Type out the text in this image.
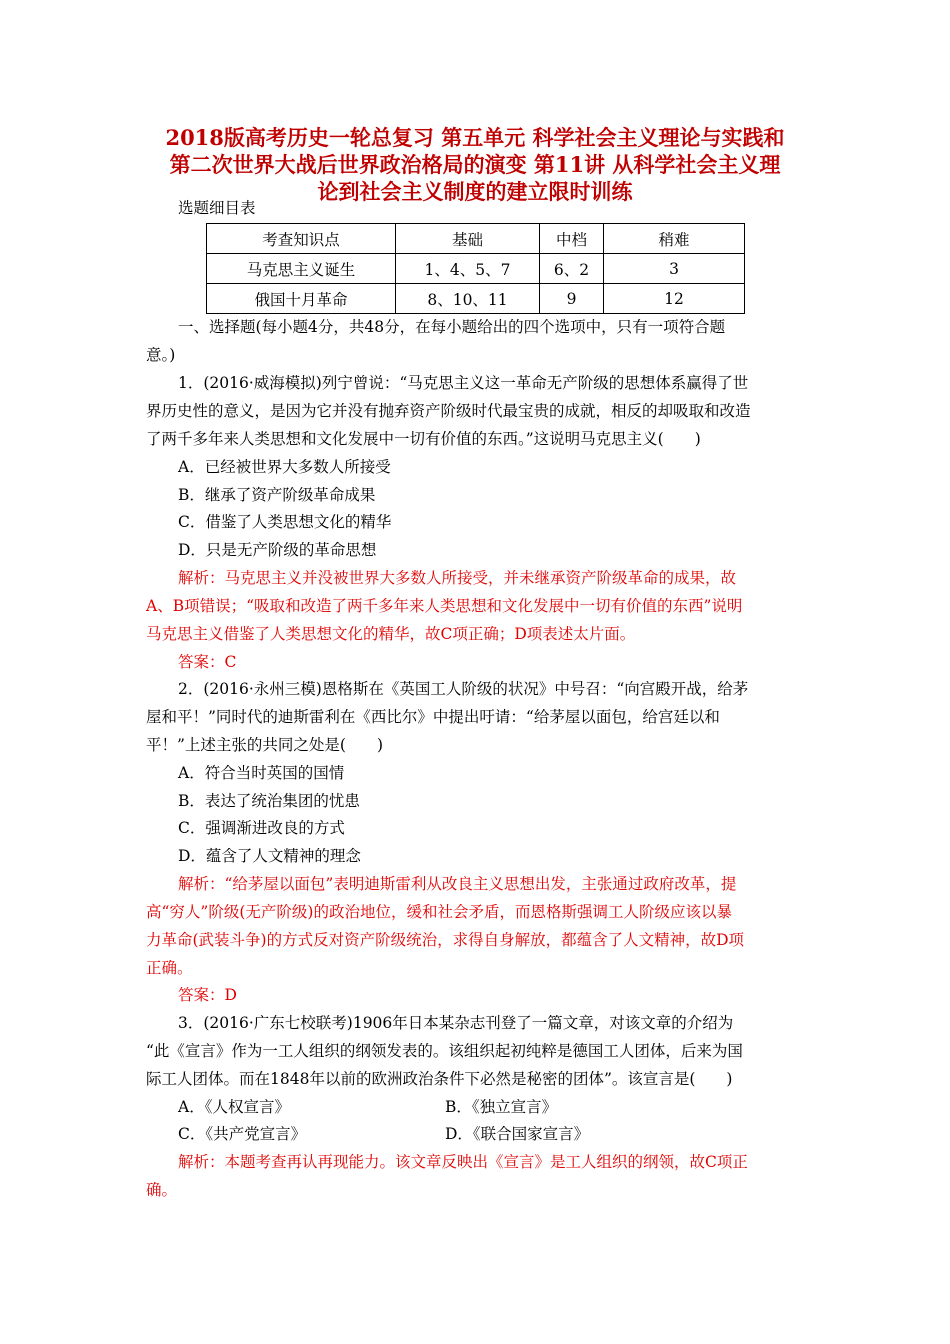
2018版高考历史一轮总复习 第五单元 科学社会主义理论与实践和
第二次世界大战后世界政治格局的演变 第11讲 从科学社会主义理
论到社会主义制度的建立限时训练
选题细目表
考查知识点	基础	中档	稍难
马克思主义诞生	1、4、5、7	6、2	3
俄国十月革命	8、10、11	9	12
一、选择题(每小题4分，共48分，在每小题给出的四个选项中，只有一项符合题
意。)
1．(2016·威海模拟)列宁曾说：“马克思主义这一革命无产阶级的思想体系赢得了世
界历史性的意义，是因为它并没有抛弃资产阶级时代最宝贵的成就，相反的却吸取和改造
了两千多年来人类思想和文化发展中一切有价值的东西。”这说明马克思主义(　　)
A．已经被世界大多数人所接受
B．继承了资产阶级革命成果
C．借鉴了人类思想文化的精华
D．只是无产阶级的革命思想
解析：马克思主义并没被世界大多数人所接受，并未继承资产阶级革命的成果，故
A、B项错误；“吸取和改造了两千多年来人类思想和文化发展中一切有价值的东西”说明
马克思主义借鉴了人类思想文化的精华，故C项正确；D项表述太片面。
答案：C
2．(2016·永州三模)恩格斯在《英国工人阶级的状况》中号召：“向宫殿开战，给茅
屋和平！”同时代的迪斯雷利在《西比尔》中提出吁请：“给茅屋以面包，给宫廷以和
平！”上述主张的共同之处是(　　)
A．符合当时英国的国情
B．表达了统治集团的忧患
C．强调渐进改良的方式
D．蕴含了人文精神的理念
解析：“给茅屋以面包”表明迪斯雷利从改良主义思想出发，主张通过政府改革，提
高“穷人”阶级(无产阶级)的政治地位，缓和社会矛盾，而恩格斯强调工人阶级应该以暴
力革命(武装斗争)的方式反对资产阶级统治，求得自身解放，都蕴含了人文精神，故D项
正确。
答案：D
3．(2016·广东七校联考)1906年日本某杂志刊登了一篇文章，对该文章的介绍为
“此《宣言》作为一工人组织的纲领发表的。该组织起初纯粹是德国工人团体，后来为国
际工人团体。而在1848年以前的欧洲政治条件下必然是秘密的团体”。该宣言是(　　)
A．《人权宣言》	B．《独立宣言》
C．《共产党宣言》	D．《联合国家宣言》
解析：本题考查再认再现能力。该文章反映出《宣言》是工人组织的纲领，故C项正
确。
